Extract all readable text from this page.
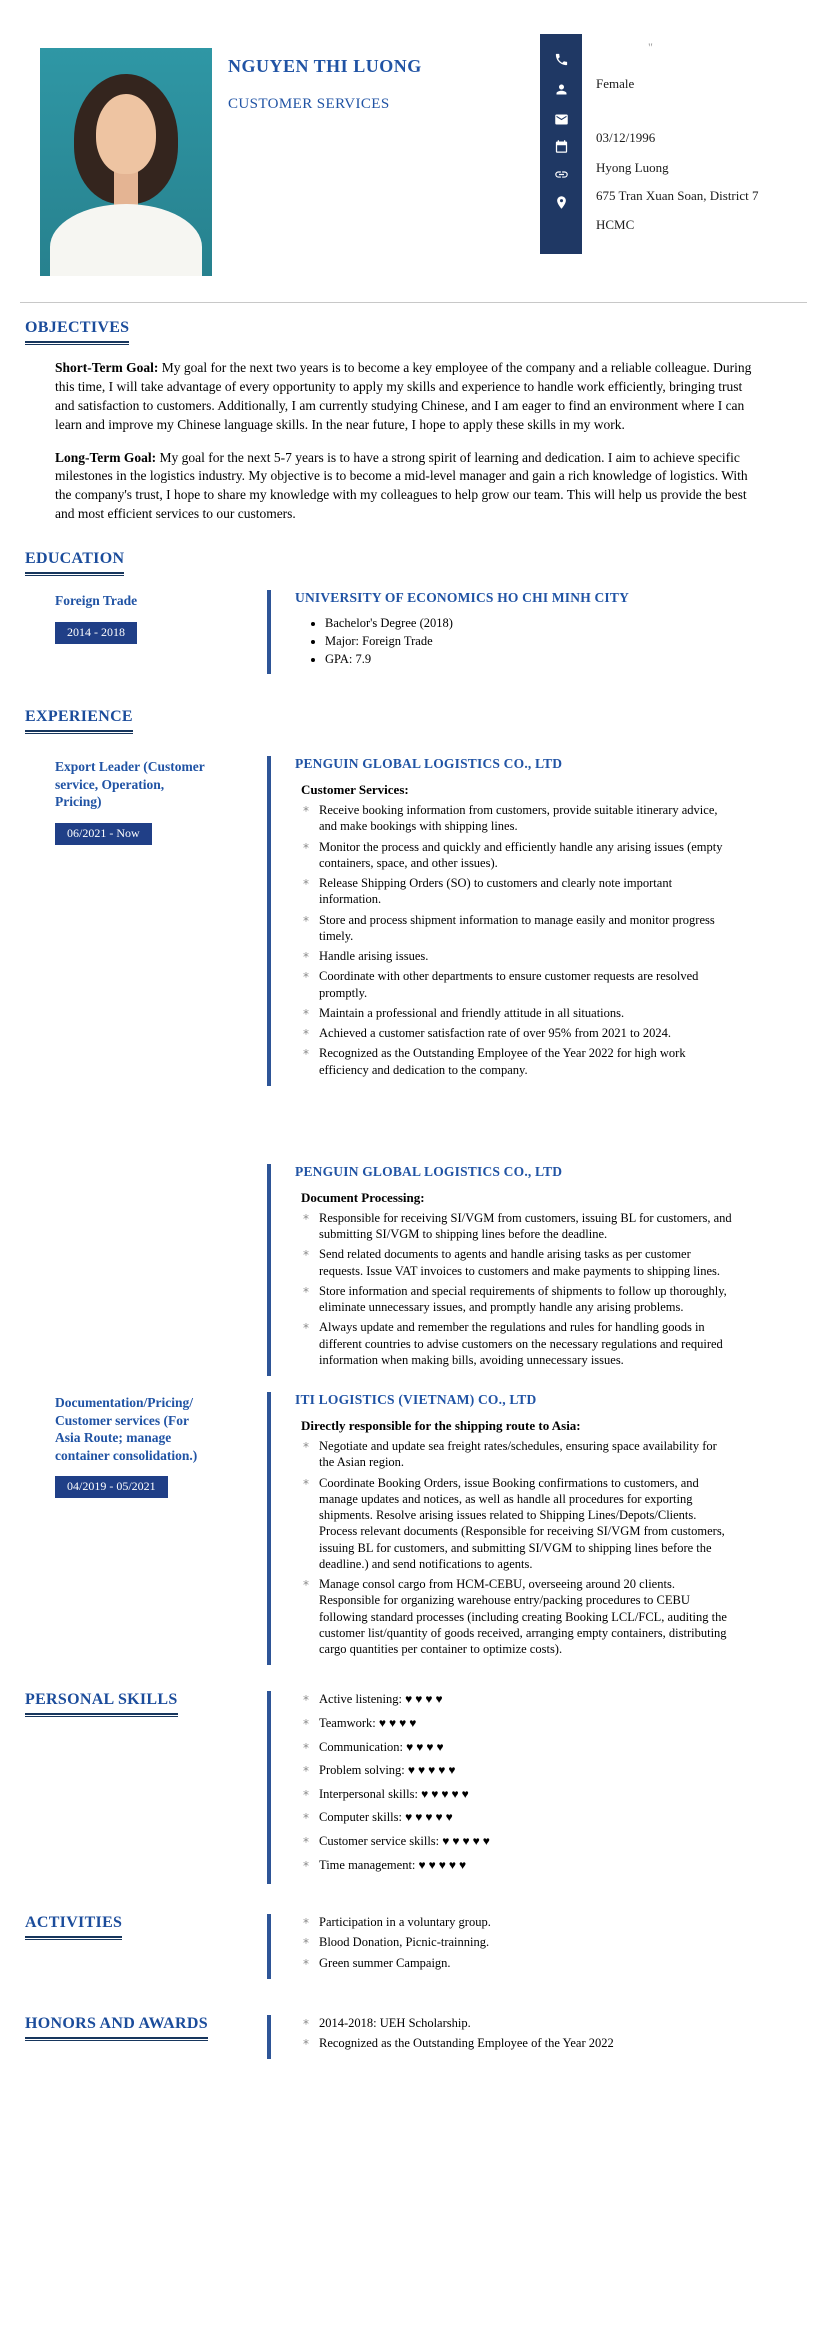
NGUYEN THI LUONG
CUSTOMER SERVICES
Female
03/12/1996
Hyong Luong
675 Tran Xuan Soan, District 7
HCMC
"
OBJECTIVES

Short-Term Goal: My goal for the next two years is to become a key employee of the company and a reliable colleague. During this time, I will take advantage of every opportunity to apply my skills and experience to handle work efficiently, bringing trust and satisfaction to customers. Additionally, I am currently studying Chinese, and I am eager to find an environment where I can learn and improve my Chinese language skills. In the near future, I hope to apply these skills in my work.

Long-Term Goal: My goal for the next 5-7 years is to have a strong spirit of learning and dedication. I aim to achieve specific milestones in the logistics industry. My objective is to become a mid-level manager and gain a rich knowledge of logistics. With the company's trust, I hope to share my knowledge with my colleagues to help grow our team. This will help us provide the best and most efficient services to our customers.

EDUCATION
Foreign Trade
2014 - 2018
UNIVERSITY OF ECONOMICS HO CHI MINH CITY
• Bachelor's Degree (2018)
• Major: Foreign Trade
• GPA: 7.9
EXPERIENCE
Export Leader (Customer service, Operation, Pricing)
06/2021 - Now
PENGUIN GLOBAL LOGISTICS CO., LTD
Customer Services:
* Receive booking information from customers, provide suitable itinerary advice, and make bookings with shipping lines.
* Monitor the process and quickly and efficiently handle any arising issues (empty containers, space, and other issues).
* Release Shipping Orders (SO) to customers and clearly note important information.
* Store and process shipment information to manage easily and monitor progress timely.
* Handle arising issues.
* Coordinate with other departments to ensure customer requests are resolved promptly.
* Maintain a professional and friendly attitude in all situations.
* Achieved a customer satisfaction rate of over 95% from 2021 to 2024.
* Recognized as the Outstanding Employee of the Year 2022 for high work efficiency and dedication to the company.
PENGUIN GLOBAL LOGISTICS CO., LTD
Document Processing:
* Responsible for receiving SI/VGM from customers, issuing BL for customers, and submitting SI/VGM to shipping lines before the deadline.
* Send related documents to agents and handle arising tasks as per customer requests. Issue VAT invoices to customers and make payments to shipping lines.
* Store information and special requirements of shipments to follow up thoroughly, eliminate unnecessary issues, and promptly handle any arising problems.
* Always update and remember the regulations and rules for handling goods in different countries to advise customers on the necessary regulations and required information when making bills, avoiding unnecessary issues.
Documentation/Pricing/ Customer services (For Asia Route; manage container consolidation.)
04/2019 - 05/2021
ITI LOGISTICS (VIETNAM) CO., LTD
Directly responsible for the shipping route to Asia:
* Negotiate and update sea freight rates/schedules, ensuring space availability for the Asian region.
* Coordinate Booking Orders, issue Booking confirmations to customers, and manage updates and notices, as well as handle all procedures for exporting shipments. Resolve arising issues related to Shipping Lines/Depots/Clients. Process relevant documents (Responsible for receiving SI/VGM from customers, issuing BL for customers, and submitting SI/VGM to shipping lines before the deadline.) and send notifications to agents.
* Manage consol cargo from HCM-CEBU, overseeing around 20 clients. Responsible for organizing warehouse entry/packing procedures to CEBU following standard processes (including creating Booking LCL/FCL, auditing the customer list/quantity of goods received, arranging empty containers, distributing cargo quantities per container to optimize costs).
PERSONAL SKILLS	* Active listening: ♥♥♥♥
* Teamwork: ♥♥♥♥
* Communication: ♥♥♥♥
* Problem solving: ♥♥♥♥♥
* Interpersonal skills: ♥♥♥♥♥
* Computer skills: ♥♥♥♥♥
* Customer service skills: ♥♥♥♥♥
* Time management: ♥♥♥♥♥
ACTIVITIES	* Participation in a voluntary group.
* Blood Donation, Picnic-trainning.
* Green summer Campaign.
HONORS AND AWARDS	* 2014-2018: UEH Scholarship.
* Recognized as the Outstanding Employee of the Year 2022
